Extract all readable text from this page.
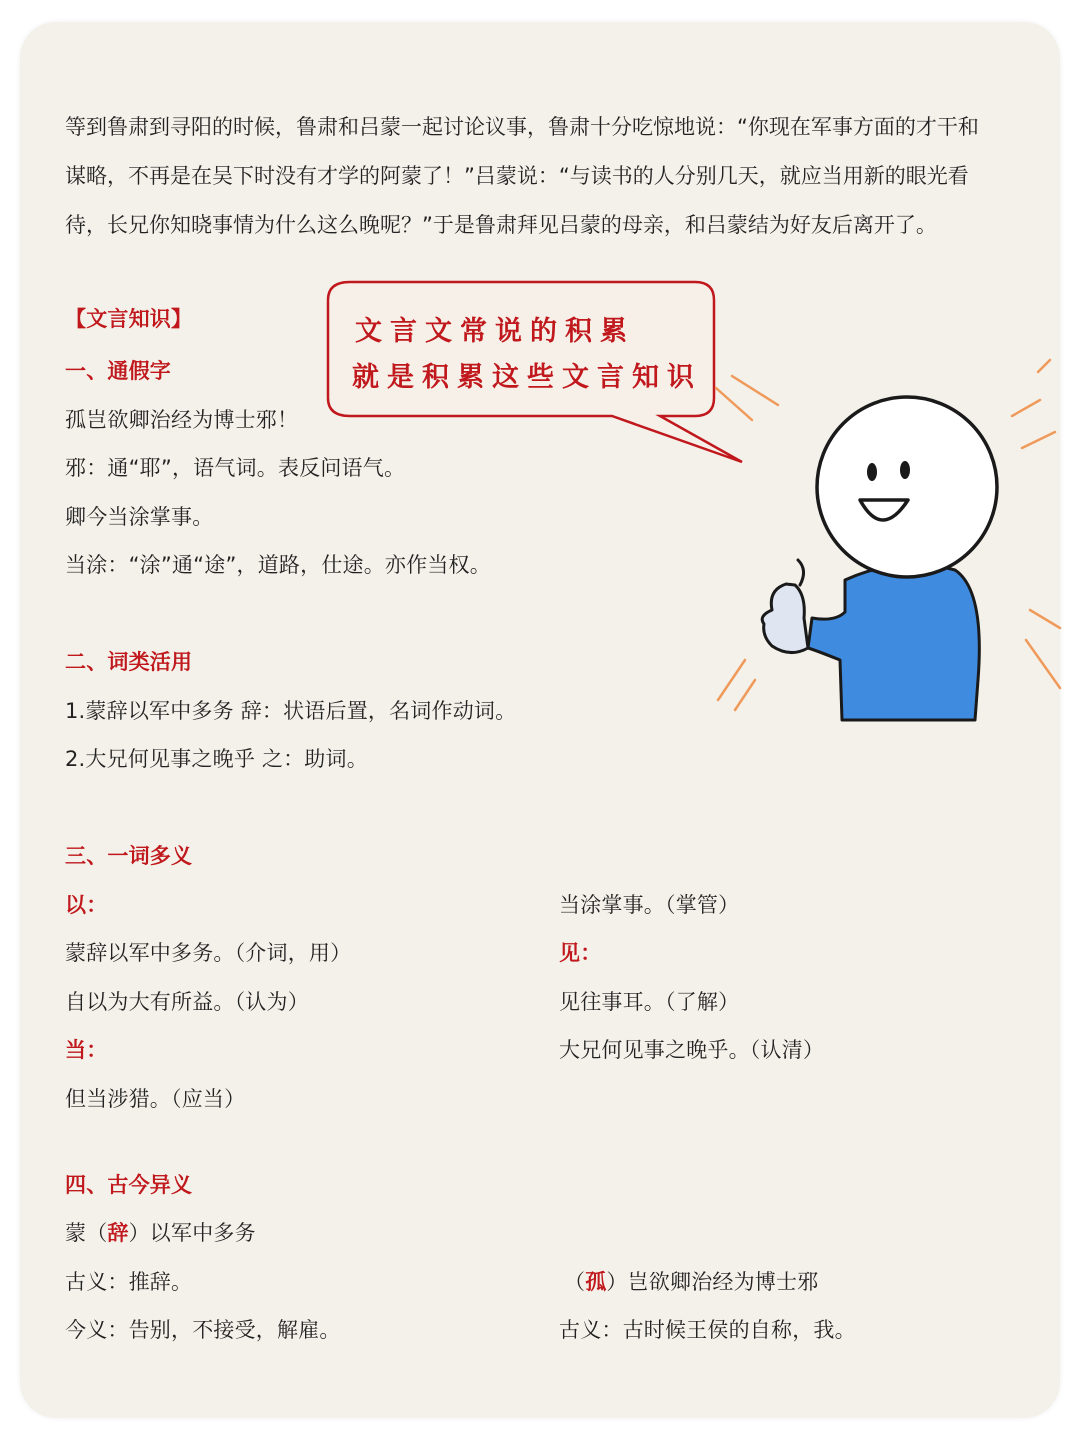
等到鲁肃到寻阳的时候，鲁肃和吕蒙一起讨论议事，鲁肃十分吃惊地说：“你现在军事方面的才干和

谋略，不再是在吴下时没有才学的阿蒙了！”吕蒙说：“与读书的人分别几天，就应当用新的眼光看

待，长兄你知晓事情为什么这么晚呢？”于是鲁肃拜见吕蒙的母亲，和吕蒙结为好友后离开了。

文言文常说的积累
就是积累这些文言知识
【文言知识】
一、通假字
孤岂欲卿治经为博士邪！
邪：通“耶”，语气词。表反问语气。
卿今当涂掌事。
当涂：“涂”通“途”，道路，仕途。亦作当权。
二、词类活用
1.蒙辞以军中多务 辞：状语后置，名词作动词。
2.大兄何见事之晚乎 之：助词。
三、一词多义
以：
蒙辞以军中多务。（介词，用）
自以为大有所益。（认为）
当：
但当涉猎。（应当）
当涂掌事。（掌管）
见：
见往事耳。（了解）
大兄何见事之晚乎。（认清）
四、古今异义
蒙（辞）以军中多务
古义：推辞。
今义：告别，不接受，解雇。
（孤）岂欲卿治经为博士邪
古义：古时候王侯的自称，我。
